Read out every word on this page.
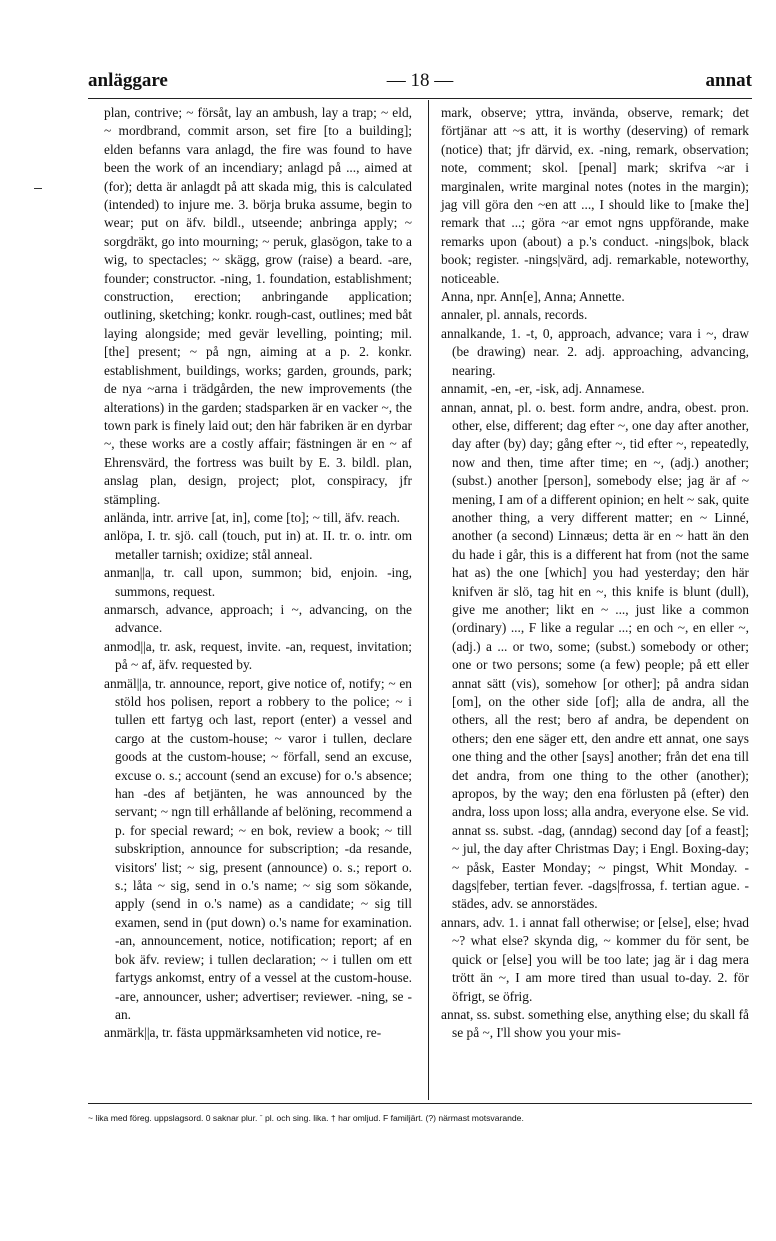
anläggare	— 18 —	annat

plan, contrive; ~ försåt, lay an ambush, lay a trap; ~ eld, ~ mordbrand, commit arson, set fire [to a building]; elden befanns vara anlagd, the fire was found to have been the work of an incendiary; anlagd på ..., aimed at (for); detta är anlagdt på att skada mig, this is calculated (intended) to injure me. 3. börja bruka assume, begin to wear; put on äfv. bildl., utseende; anbringa apply; ~ sorgdräkt, go into mourning; ~ peruk, glasögon, take to a wig, to spectacles; ~ skägg, grow (raise) a beard. -are, founder; constructor. -ning, 1. foundation, establishment; construction, erection; anbringande application; outlining, sketching; konkr. rough-cast, outlines; med båt laying alongside; med gevär levelling, pointing; mil. [the] present; ~ på ngn, aiming at a p. 2. konkr. establishment, buildings, works; garden, grounds, park; de nya ~arna i trädgården, the new improvements (the alterations) in the garden; stadsparken är en vacker ~, the town park is finely laid out; den här fabriken är en dyrbar ~, these works are a costly affair; fästningen är en ~ af Ehrensvärd, the fortress was built by E. 3. bildl. plan, anslag plan, design, project; plot, conspiracy, jfr stämpling.

anlända, intr. arrive [at, in], come [to]; ~ till, äfv. reach.

anlöpa, I. tr. sjö. call (touch, put in) at. II. tr. o. intr. om metaller tarnish; oxidize; stål anneal.

anman||a, tr. call upon, summon; bid, enjoin. -ing, summons, request.

anmarsch, advance, approach; i ~, advancing, on the advance.

anmod||a, tr. ask, request, invite. -an, request, invitation; på ~ af, äfv. requested by.

anmäl||a, tr. announce, report, give notice of, notify; ~ en stöld hos polisen, report a robbery to the police; ~ i tullen ett fartyg och last, report (enter) a vessel and cargo at the custom-house; ~ varor i tullen, declare goods at the custom-house; ~ förfall, send an excuse, excuse o. s.; account (send an excuse) for o.'s absence; han -des af betjänten, he was announced by the servant; ~ ngn till erhållande af belöning, recommend a p. for special reward; ~ en bok, review a book; ~ till subskription, announce for subscription; -da resande, visitors' list; ~ sig, present (announce) o. s.; report o. s.; låta ~ sig, send in o.'s name; ~ sig som sökande, apply (send in o.'s name) as a candidate; ~ sig till examen, send in (put down) o.'s name for examination. -an, announcement, notice, notification; report; af en bok äfv. review; i tullen declaration; ~ i tullen om ett fartygs ankomst, entry of a vessel at the custom-house. -are, announcer, usher; advertiser; reviewer. -ning, se -an.

anmärk||a, tr. fästa uppmärksamheten vid notice, re-

mark, observe; yttra, invända, observe, remark; det förtjänar att ~s att, it is worthy (deserving) of remark (notice) that; jfr därvid, ex. -ning, remark, observation; note, comment; skol. [penal] mark; skrifva ~ar i marginalen, write marginal notes (notes in the margin); jag vill göra den ~en att ..., I should like to [make the] remark that ...; göra ~ar emot ngns uppförande, make remarks upon (about) a p.'s conduct. -nings|bok, black book; register. -nings|värd, adj. remarkable, noteworthy, noticeable.

Anna, npr. Ann[e], Anna; Annette.

annaler, pl. annals, records.

annalkande, 1. -t, 0, approach, advance; vara i ~, draw (be drawing) near. 2. adj. approaching, advancing, nearing.

annamit, -en, -er, -isk, adj. Annamese.

annan, annat, pl. o. best. form andre, andra, obest. pron. other, else, different; dag efter ~, one day after another, day after (by) day; gång efter ~, tid efter ~, repeatedly, now and then, time after time; en ~, (adj.) another; (subst.) another [person], somebody else; jag är af ~ mening, I am of a different opinion; en helt ~ sak, quite another thing, a very different matter; en ~ Linné, another (a second) Linnæus; detta är en ~ hatt än den du hade i går, this is a different hat from (not the same hat as) the one [which] you had yesterday; den här knifven är slö, tag hit en ~, this knife is blunt (dull), give me another; likt en ~ ..., just like a common (ordinary) ..., F like a regular ...; en och ~, en eller ~, (adj.) a ... or two, some; (subst.) somebody or other; one or two persons; some (a few) people; på ett eller annat sätt (vis), somehow [or other]; på andra sidan [om], on the other side [of]; alla de andra, all the others, all the rest; bero af andra, be dependent on others; den ene säger ett, den andre ett annat, one says one thing and the other [says] another; från det ena till det andra, from one thing to the other (another); apropos, by the way; den ena förlusten på (efter) den andra, loss upon loss; alla andra, everyone else. Se vid. annat ss. subst. -dag, (anndag) second day [of a feast]; ~ jul, the day after Christmas Day; i Engl. Boxing-day; ~ påsk, Easter Monday; ~ pingst, Whit Monday. -dags|feber, tertian fever. -dags|frossa, f. tertian ague. -städes, adv. se annorstädes.

annars, adv. 1. i annat fall otherwise; or [else], else; hvad ~? what else? skynda dig, ~ kommer du för sent, be quick or [else] you will be too late; jag är i dag mera trött än ~, I am more tired than usual to-day. 2. för öfrigt, se öfrig.

annat, ss. subst. something else, anything else; du skall få se på ~, I'll show you your mis-

~ lika med föreg. uppslagsord. 0 saknar plur. ˉ pl. och sing. lika. † har omljud. F familjärt. (?) närmast motsvarande.
